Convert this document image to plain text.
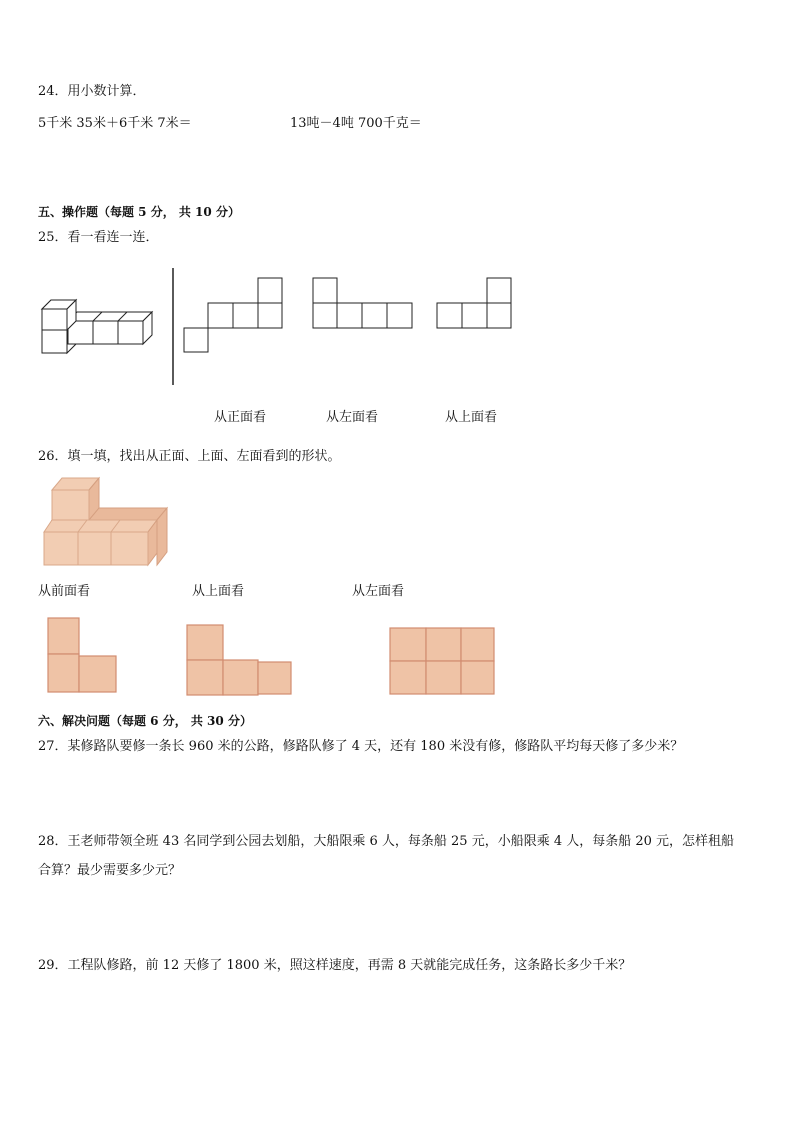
24．用小数计算．
5千米 35米＋6千米 7米＝	13吨－4吨 700千克＝
五、操作题（每题 5 分， 共 10 分）
25．看一看连一连．
从正面看	从左面看	从上面看
26．填一填，找出从正面、上面、左面看到的形状。
从前面看	从上面看	从左面看
六、解决问题（每题 6 分， 共 30 分）
27．某修路队要修一条长 960 米的公路，修路队修了 4 天，还有 180 米没有修，修路队平均每天修了多少米？
28．王老师带领全班 43 名同学到公园去划船，大船限乘 6 人，每条船 25 元，小船限乘 4 人，每条船 20 元，怎样租船
合算？最少需要多少元？
29．工程队修路，前 12 天修了 1800 米，照这样速度，再需 8 天就能完成任务，这条路长多少千米？
